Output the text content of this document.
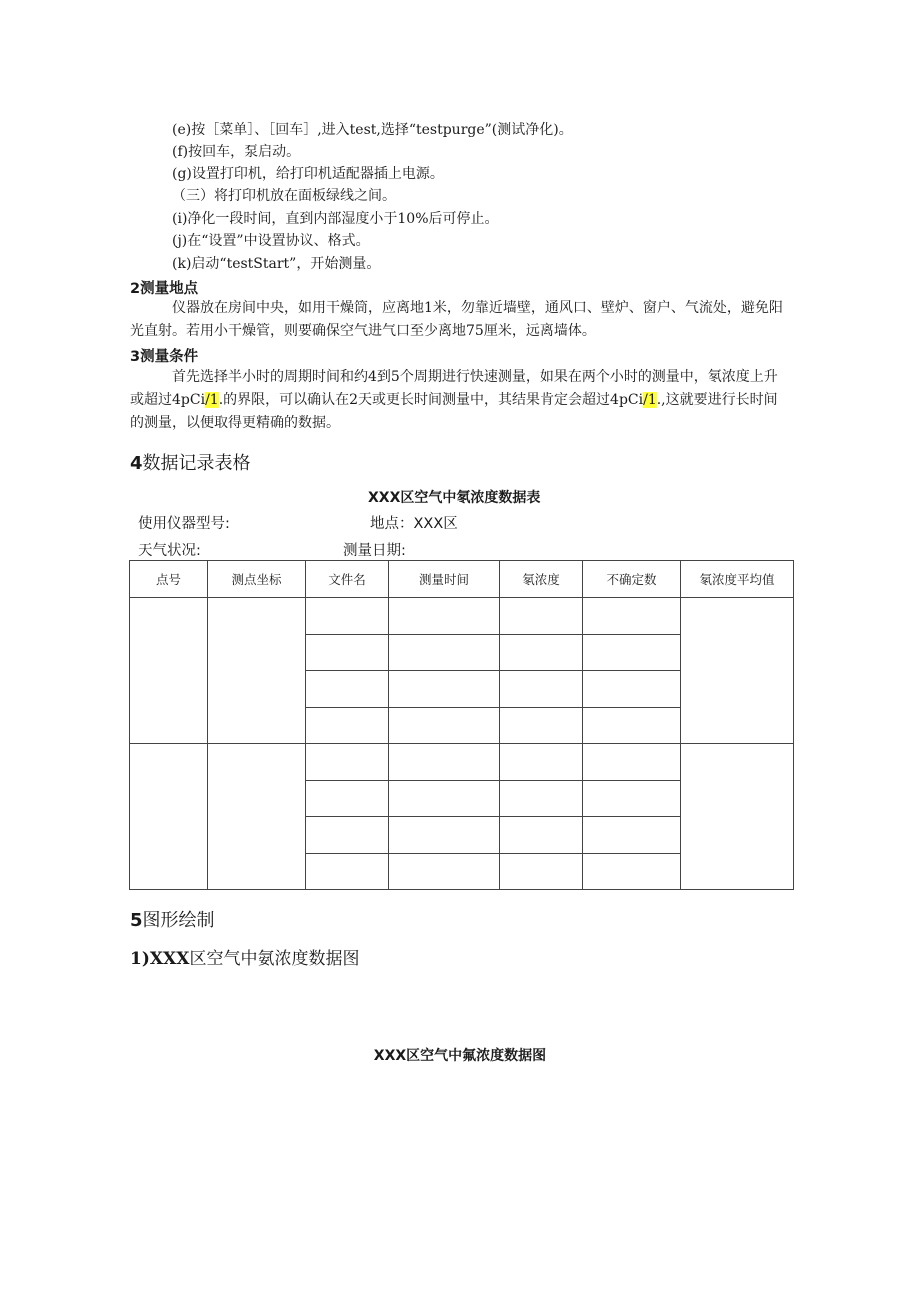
(e)按［菜单］、［回车］,进入test,选择“testpurge”(测试净化)。
(f)按回车，泵启动。
(g)设置打印机，给打印机适配器插上电源。
（三）将打印机放在面板绿线之间。
(i)净化一段时间，直到内部湿度小于10%后可停止。
(j)在“设置”中设置协议、格式。
(k)启动“testStart”，开始测量。
2测量地点
仪器放在房间中央，如用干燥筒，应离地1米，勿靠近墙壁，通风口、壁炉、窗户、气流处，避免阳光直射。若用小干燥管，则要确保空气进气口至少离地75厘米，远离墙体。
3测量条件
首先选择半小时的周期时间和约4到5个周期进行快速测量，如果在两个小时的测量中，氡浓度上升或超过4pCi/1.的界限，可以确认在2天或更长时间测量中，其结果肯定会超过4pCi/1.,这就要进行长时间的测量，以便取得更精确的数据。
4数据记录表格
XXX区空气中氡浓度数据表
使用仪器型号:	地点：XXX区
天气状况:	测量日期:
点号	测点坐标	文件名	测量时间	氡浓度	不确定数	氡浓度平均值

5图形绘制
1)XXX区空气中氨浓度数据图
XXX区空气中氟浓度数据图
